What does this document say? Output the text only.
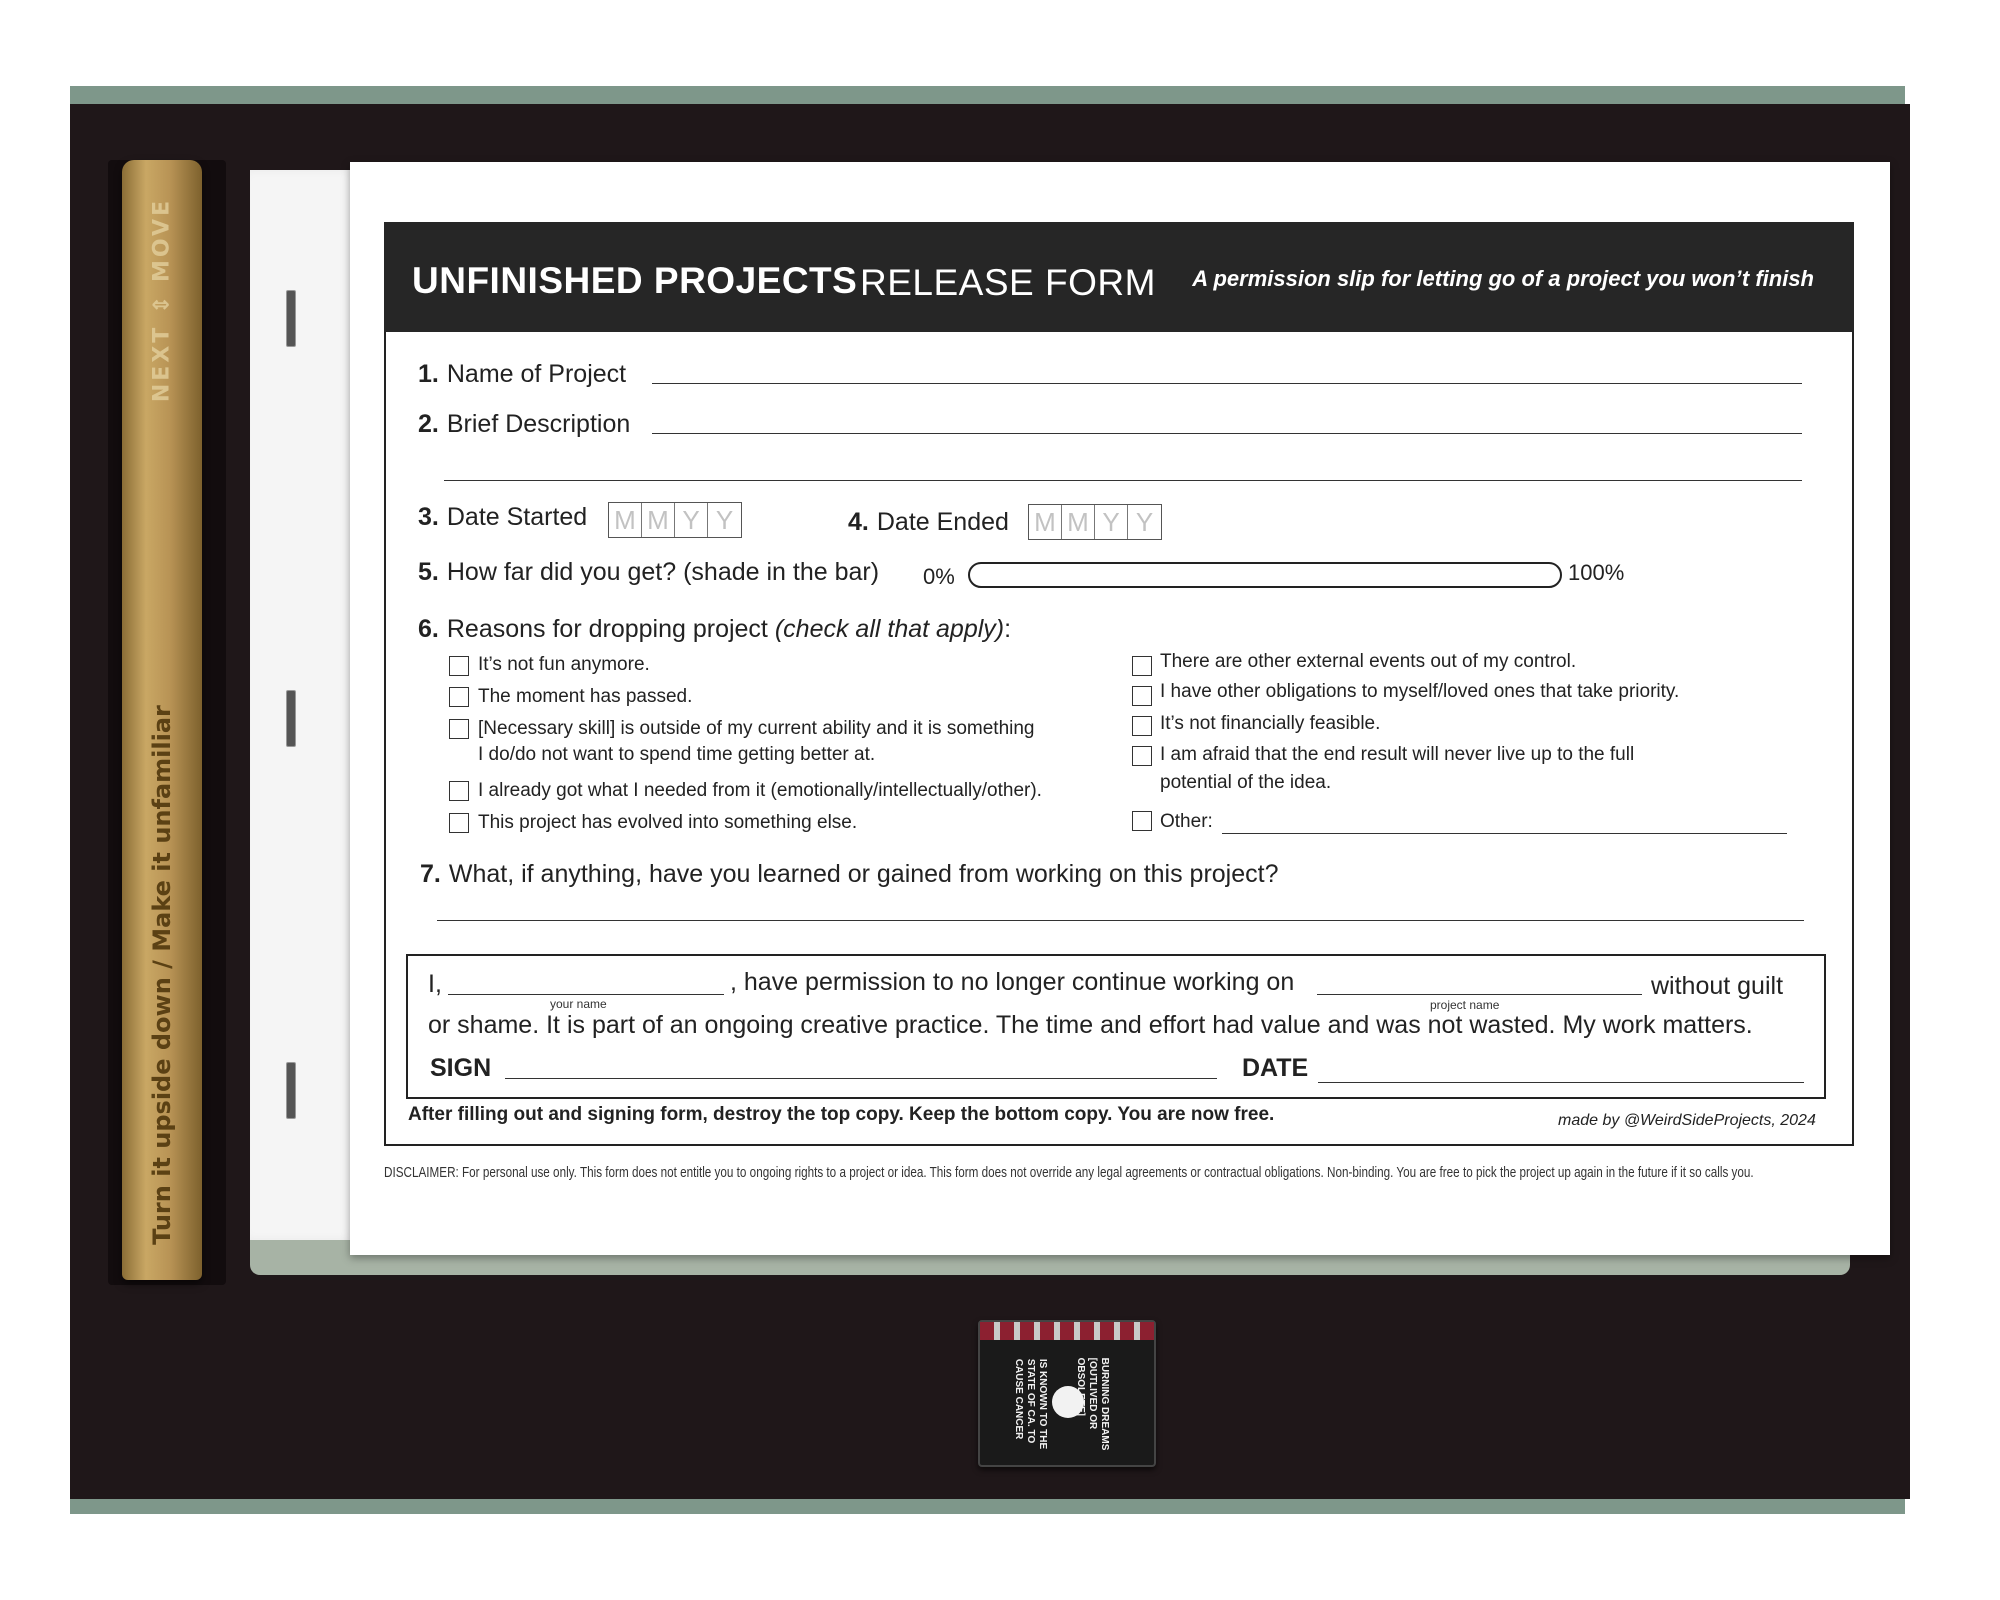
NEXT ⇕ MOVE
Turn it upside down / Make it unfamiliar
UNFINISHED PROJECTS RELEASE FORM A permission slip for letting go of a project you won’t finish
1. Name of Project
2. Brief Description
3. Date Started M M Y Y	4. Date Ended M M Y Y
5. How far did you get? (shade in the bar) 0%	100%
6. Reasons for dropping project (check all that apply):
It’s not fun anymore.
The moment has passed.
[Necessary skill] is outside of my current ability and it is something
I do/do not want to spend time getting better at.
I already got what I needed from it (emotionally/intellectually/other).
This project has evolved into something else.
There are other external events out of my control.
I have other obligations to myself/loved ones that take priority.
It’s not financially feasible.
I am afraid that the end result will never live up to the full
potential of the idea.
Other:
7. What, if anything, have you learned or gained from working on this project?
I,
your name
, have permission to no longer continue working on
project name
without guilt
or shame. It is part of an ongoing creative practice. The time and effort had value and was not wasted. My work matters.
SIGN	DATE
After filling out and signing form, destroy the top copy. Keep the bottom copy. You are now free.	made by @WeirdSideProjects, 2024
DISCLAIMER: For personal use only. This form does not entitle you to ongoing rights to a project or idea. This form does not override any legal agreements or contractual obligations. Non-binding. You are free to pick the project up again in the future if it so calls you.
BURNING DREAMS
[OUTLIVED OR
OBSOLETE]
IS KNOWN TO THE
STATE OF CA. TO
CAUSE CANCER
